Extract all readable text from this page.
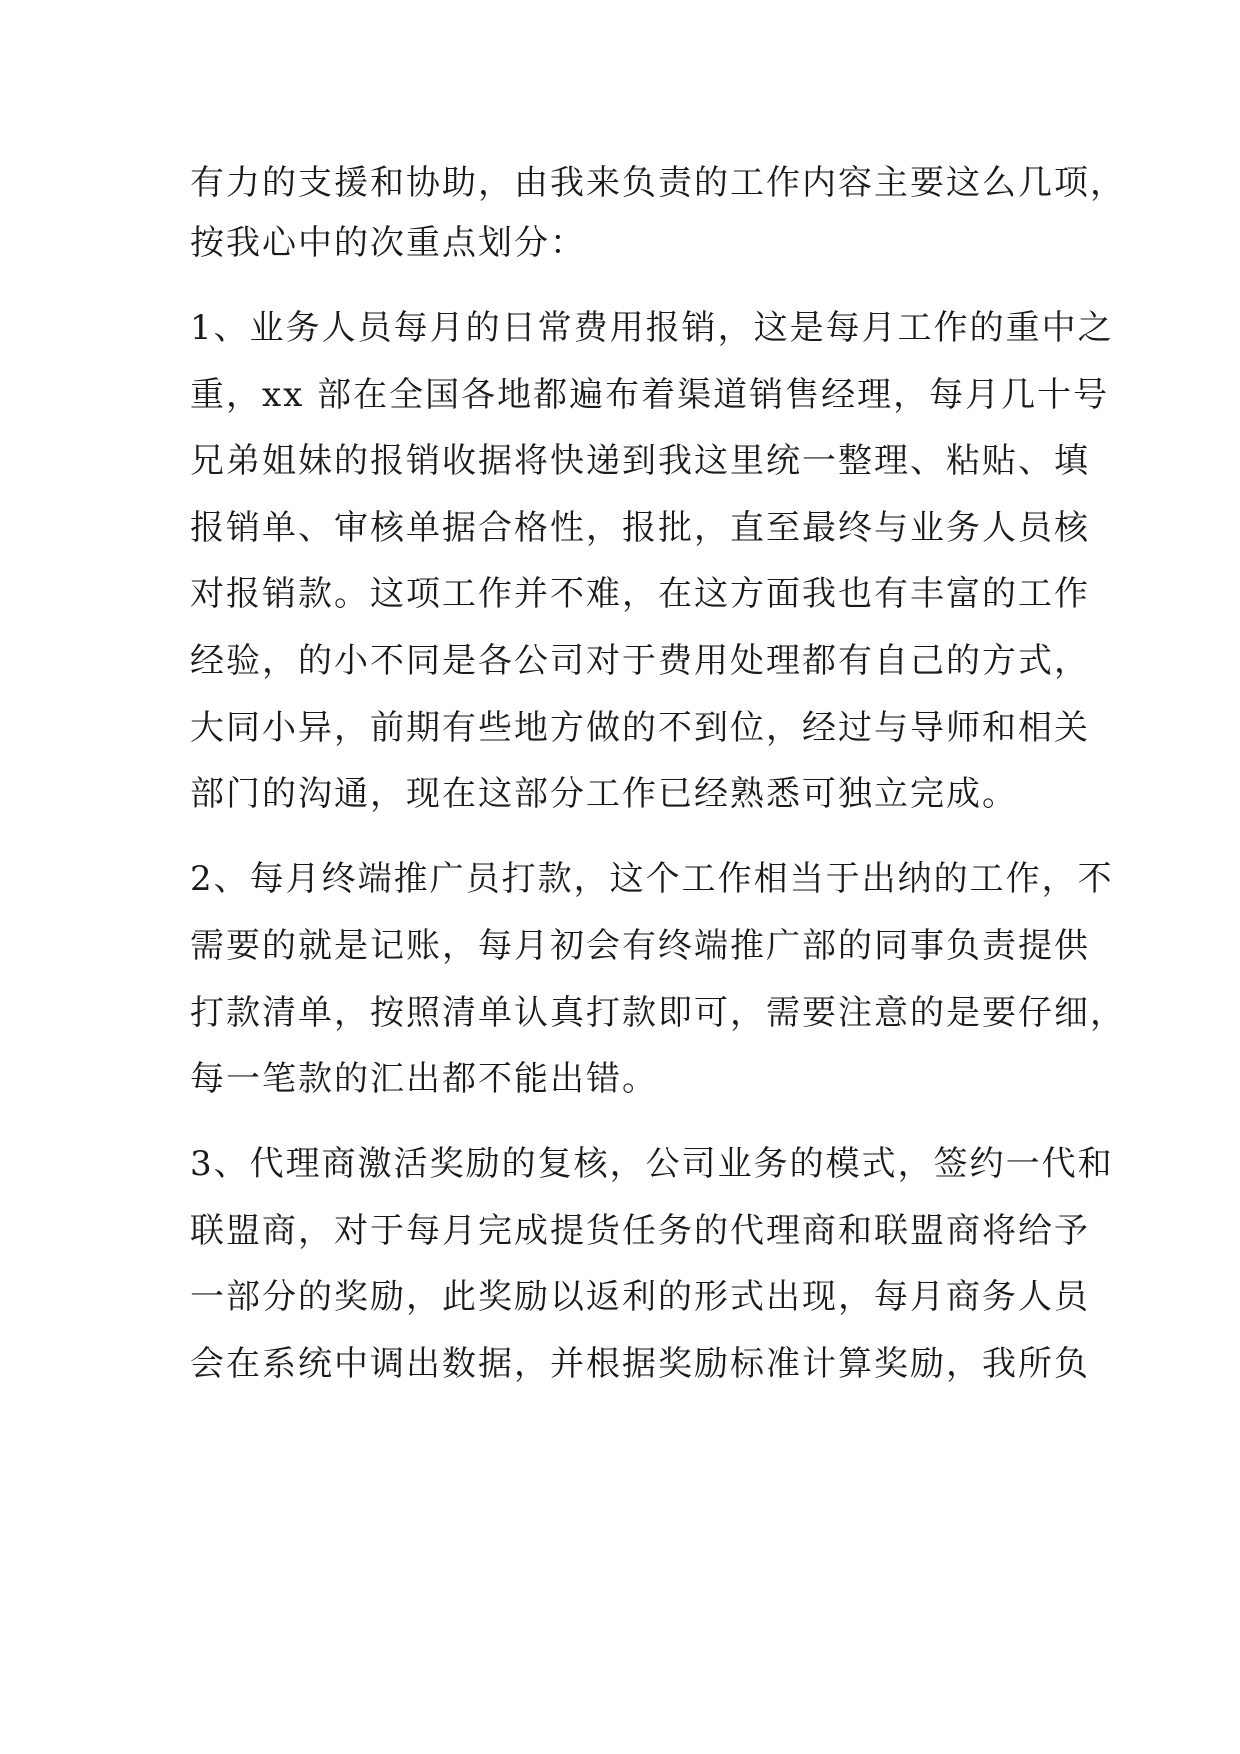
有力的支援和协助，由我来负责的工作内容主要这么几项，
按我心中的次重点划分：
1、业务人员每月的日常费用报销，这是每月工作的重中之
重，xx 部在全国各地都遍布着渠道销售经理，每月几十号
兄弟姐妹的报销收据将快递到我这里统一整理、粘贴、填
报销单、审核单据合格性，报批，直至最终与业务人员核
对报销款。这项工作并不难，在这方面我也有丰富的工作
经验，的小不同是各公司对于费用处理都有自己的方式，
大同小异，前期有些地方做的不到位，经过与导师和相关
部门的沟通，现在这部分工作已经熟悉可独立完成。
2、每月终端推广员打款，这个工作相当于出纳的工作，不
需要的就是记账，每月初会有终端推广部的同事负责提供
打款清单，按照清单认真打款即可，需要注意的是要仔细，
每一笔款的汇出都不能出错。
3、代理商激活奖励的复核，公司业务的模式，签约一代和
联盟商，对于每月完成提货任务的代理商和联盟商将给予
一部分的奖励，此奖励以返利的形式出现，每月商务人员
会在系统中调出数据，并根据奖励标准计算奖励，我所负
